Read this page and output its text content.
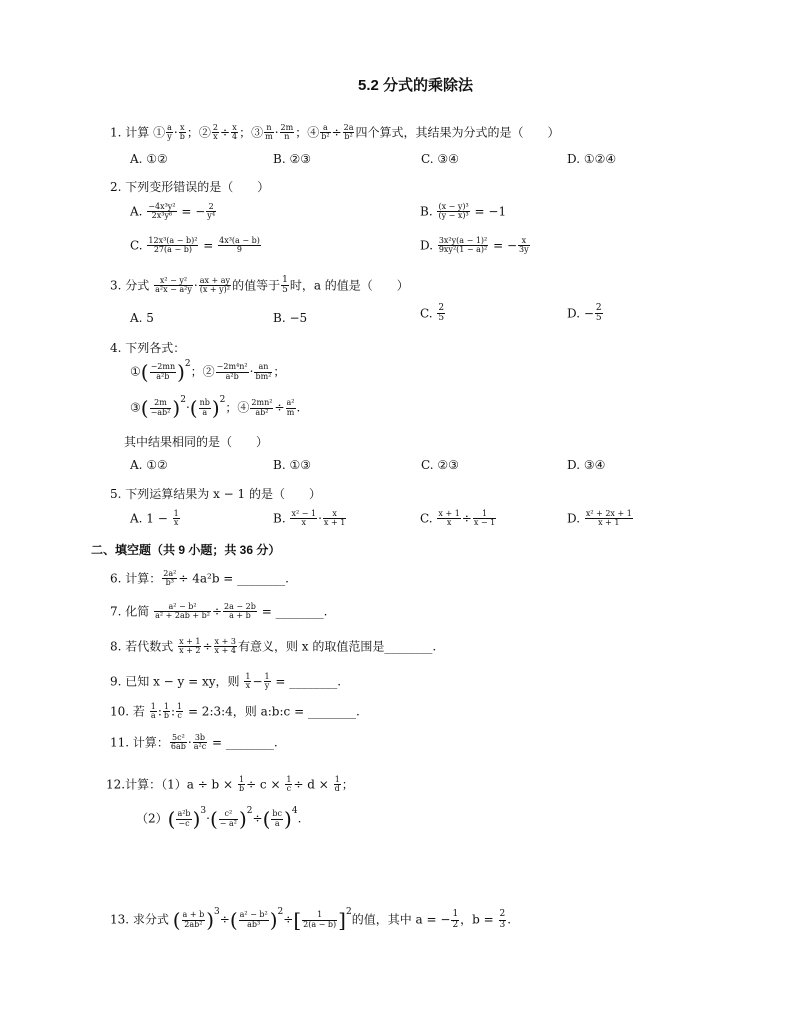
5.2 分式的乘除法
1. 计算 ① $\frac{a}{y} \cdot \frac{x}{b}$ ；② $\frac{2}{x} \div \frac{x}{4}$ ；③ $\frac{n}{m} \cdot \frac{2m}{n}$ ；④ $\frac{a}{\text{b²}} \div \frac{2a}{\text{b²}}$ 四个算式，其结果为分式的是（　　）
A. ①②	B. ②③	C. ③④	D. ①②④
2. 下列变形错误的是（　　）
A. $\frac{\text{−4x³y²}}{\text{2x³y⁶}}$ = − $\frac{2}{\text{y⁴}}$	B. $\frac{\text{(x − y)³}}{\text{(y − x)³}} = -1$
C. $\frac{\text{12x³(a − b)²}}{27(a - b)} = \frac{\text{4x³(a − b)}}{9}$	D. $\frac{\text{3x²y(a − 1)²}}{\text{9xy²(1 − a)²}}$ = − $\frac{x}{3y}$
3. 分式 $\frac{\text{x² − y²}}{\text{a²x − a²y}} \cdot \frac{ax + ay}{\text{(x + y)²}}$ 的值等于 $\frac{1}{5}$ 时，a 的值是（　　）
A. 5	B. −5	C. $\frac{2}{5}$	D. − $\frac{2}{5}$
4. 下列各式：
①( $\frac{-2mn}{\text{a²b}} )^2$；② $\frac{\text{−2m⁴n²}}{\text{a²b}} \cdot \frac{an}{\text{bm²}}$ ；
③( $\frac{2m}{\text{−ab²}} )^2\cdot( \frac{nb}{a} )^2$；④ $\frac{\text{2mn²}}{\text{ab²}} \div \frac{\text{a²}}{m}$ .
其中结果相同的是（　　）
A. ①②	B. ①③	C. ②③	D. ③④
5. 下列运算结果为 x − 1 的是（　　）
A. $1 - \frac{1}{x}$	B. $\frac{\text{x² − 1}}{x} \cdot \frac{x}{x + 1}$	C. $\frac{x + 1}{x} \div \frac{1}{x - 1}$	D. $\frac{\text{x² + 2x + 1}}{x + 1}$
二、填空题（共 9 小题；共 36 分）
6. 计算： $\frac{\text{2a²}}{\text{b³}} \div 4a^2b$ = ________.
7. 化简 $\frac{\text{a² − b²}}{\text{a² + 2ab + b²}} \div \frac{2a - 2b}{a + b}$ = ________.
8. 若代数式 $\frac{x + 1}{x + 2} \div \frac{x + 3}{x + 4}$ 有意义，则 x 的取值范围是________.
9. 已知 x − y = xy，则 $\frac{1}{x} - \frac{1}{y}$ = ________.
10. 若 $\frac{1}{a}$ : $\frac{1}{b}$ : $\frac{1}{c}$ = 2:3:4，则 a:b:c = ________.
11. 计算： $\frac{\text{5c²}}{6ab} \cdot \frac{3b}{\text{a²c}}$ = ________.
12.计算：$(1)a \div b \times \frac{1}{b} \div c \times \frac{1}{c} \div d \times \frac{1}{d}$ ；
$(2)( \frac{\text{a²b}}{-c} )^3\cdot( \frac{\text{c²}}{\text{− a²}} )^2\div( \frac{bc}{a} )^4$.
13. 求分式 ( $\frac{a + b}{\text{2ab²}} )^3\div( \frac{\text{a² − b²}}{\text{ab³}} )^2\div[ \frac{1}{2(a - b)} ]^2$的值，其中 a = − $\frac{1}{2}$ ，$b = \frac{2}{3}$ .
